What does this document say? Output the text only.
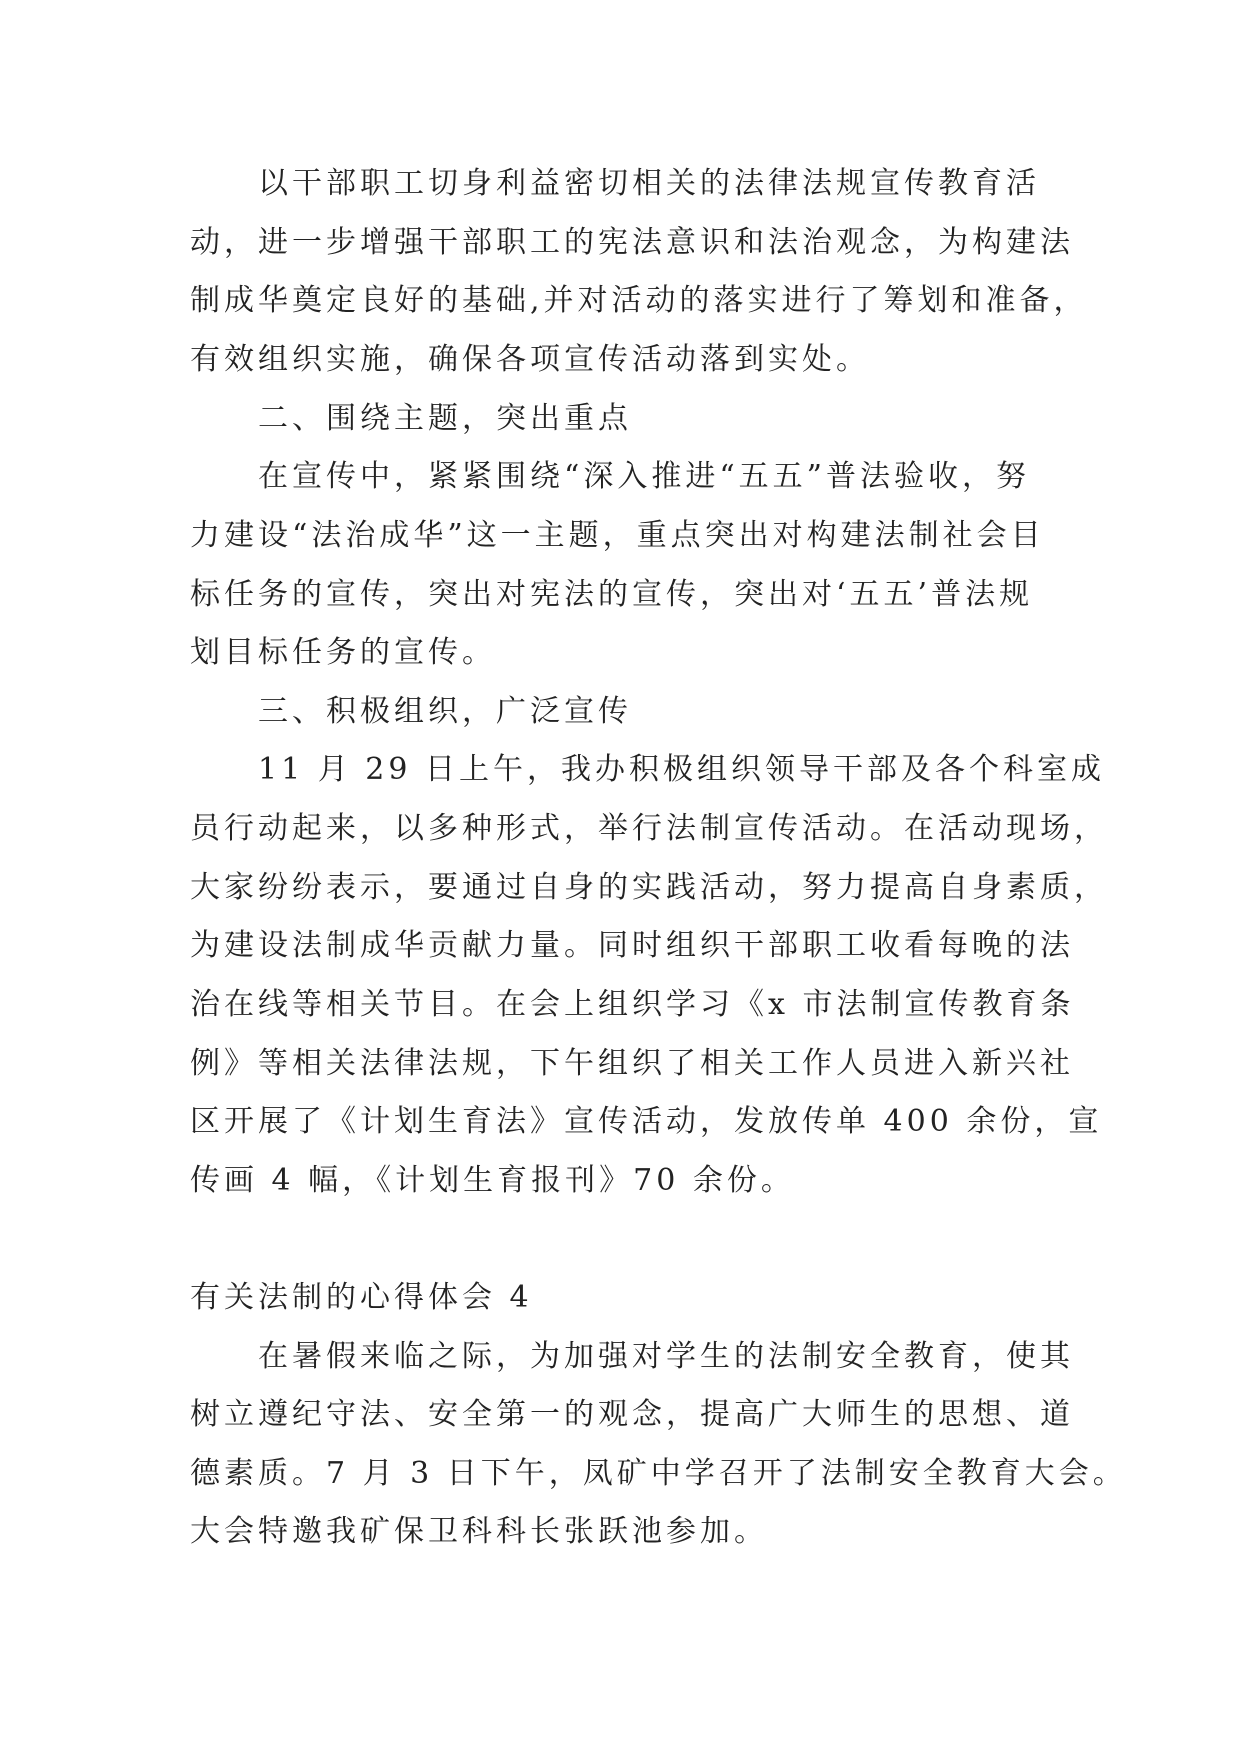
以干部职工切身利益密切相关的法律法规宣传教育活
动，进一步增强干部职工的宪法意识和法治观念，为构建法
制成华奠定良好的基础,并对活动的落实进行了筹划和准备，
有效组织实施，确保各项宣传活动落到实处。
二、围绕主题，突出重点
在宣传中，紧紧围绕“深入推进“五五”普法验收，努
力建设“法治成华”这一主题，重点突出对构建法制社会目
标任务的宣传，突出对宪法的宣传，突出对‘五五’普法规
划目标任务的宣传。
三、积极组织，广泛宣传
11 月 29 日上午，我办积极组织领导干部及各个科室成
员行动起来，以多种形式，举行法制宣传活动。在活动现场，
大家纷纷表示，要通过自身的实践活动，努力提高自身素质，
为建设法制成华贡献力量。同时组织干部职工收看每晚的法
治在线等相关节目。在会上组织学习《x 市法制宣传教育条
例》等相关法律法规，下午组织了相关工作人员进入新兴社
区开展了《计划生育法》宣传活动，发放传单 400 余份，宣
传画 4 幅，《计划生育报刊》70 余份。
有关法制的心得体会 4
在暑假来临之际，为加强对学生的法制安全教育，使其
树立遵纪守法、安全第一的观念，提高广大师生的思想、道
德素质。7 月 3 日下午，凤矿中学召开了法制安全教育大会。
大会特邀我矿保卫科科长张跃池参加。
